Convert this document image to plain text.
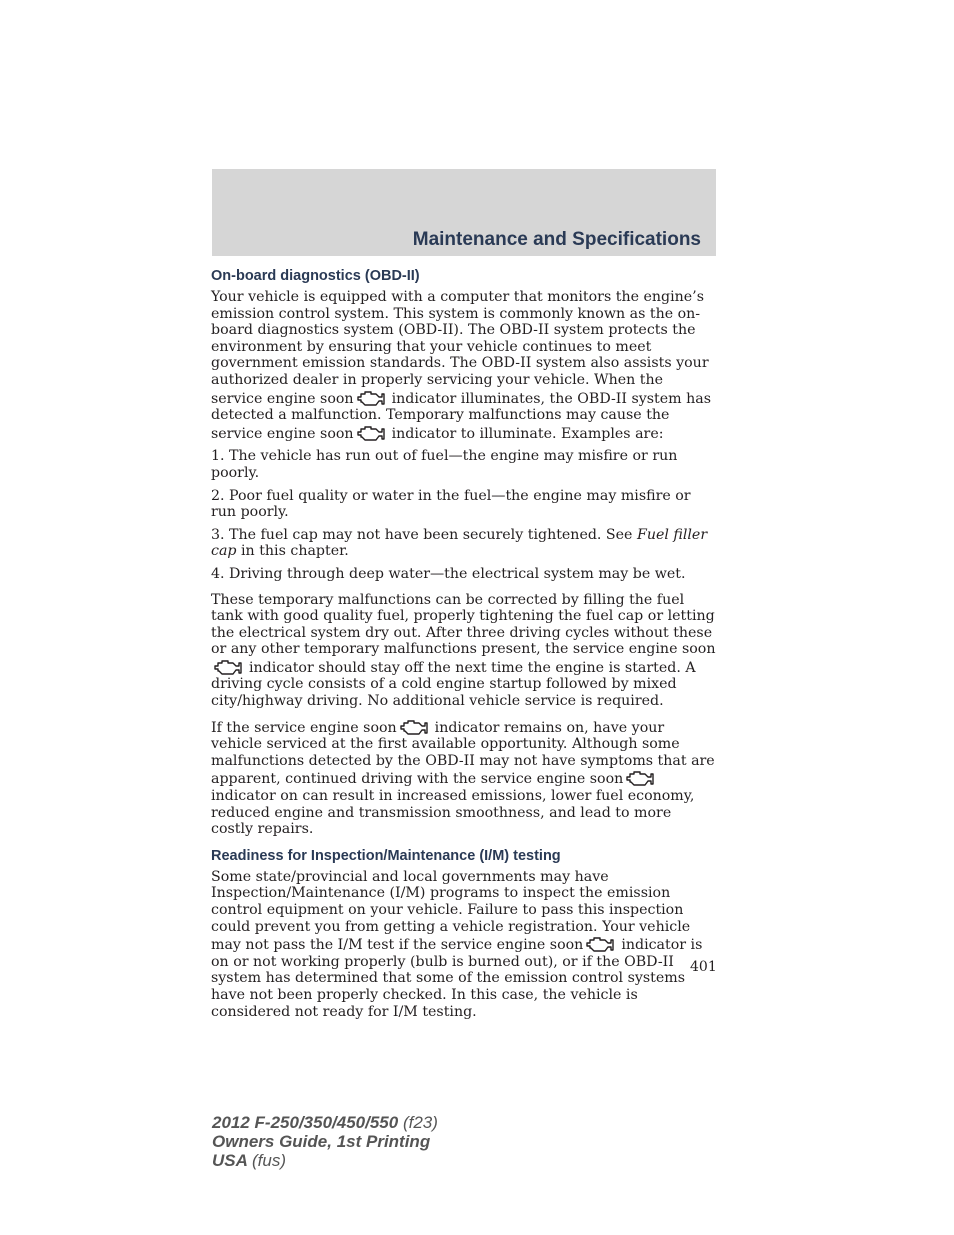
Maintenance and Specifications
On-board diagnostics (OBD-II)

Your vehicle is equipped with a computer that monitors the engine’s emission control system. This system is commonly known as the on-board diagnostics system (OBD-II). The OBD-II system protects the environment by ensuring that your vehicle continues to meet government emission standards. The OBD-II system also assists your authorized dealer in properly servicing your vehicle. When the service engine soon	indicator illuminates, the OBD-II system has detected a malfunction. Temporary malfunctions may cause the service engine soon	indicator to illuminate. Examples are:

1. The vehicle has run out of fuel—the engine may misfire or run poorly.

2. Poor fuel quality or water in the fuel—the engine may misfire or run poorly.

3. The fuel cap may not have been securely tightened. See Fuel filler cap in this chapter.

4. Driving through deep water—the electrical system may be wet.

These temporary malfunctions can be corrected by filling the fuel tank with good quality fuel, properly tightening the fuel cap or letting the electrical system dry out. After three driving cycles without these or any other temporary malfunctions present, the service engine soon
indicator should stay off the next time the engine is started. A driving cycle consists of a cold engine startup followed by mixed city/highway driving. No additional vehicle service is required.

If the service engine soon	indicator remains on, have your vehicle serviced at the first available opportunity. Although some malfunctions detected by the OBD-II may not have symptoms that are apparent, continued driving with the service engine soon
indicator on can result in increased emissions, lower fuel economy, reduced engine and transmission smoothness, and lead to more costly repairs.

Readiness for Inspection/Maintenance (I/M) testing

Some state/provincial and local governments may have Inspection/Maintenance (I/M) programs to inspect the emission control equipment on your vehicle. Failure to pass this inspection could prevent you from getting a vehicle registration. Your vehicle may not pass the I/M test if the service engine soon	indicator is on or not working properly (bulb is burned out), or if the OBD-II system has determined that some of the emission control systems have not been properly checked. In this case, the vehicle is considered not ready for I/M testing.

401
2012 F-250/350/450/550 (f23)
Owners Guide, 1st Printing
USA (fus)
